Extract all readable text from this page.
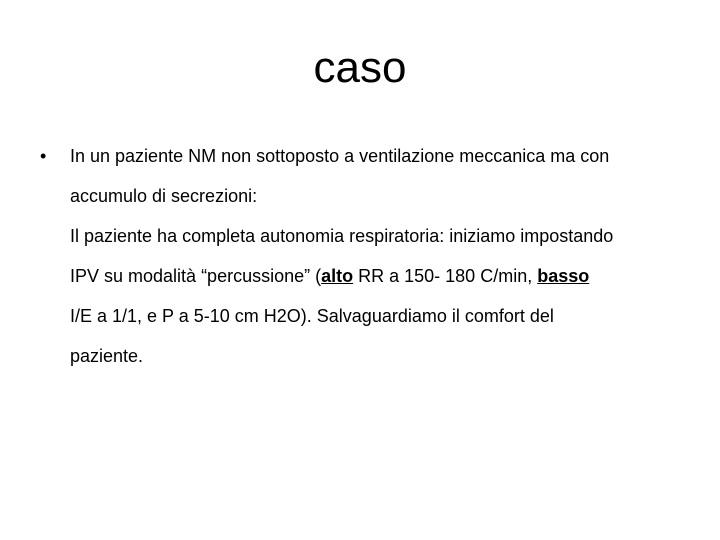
caso
• In un paziente NM non sottoposto a ventilazione meccanica ma con
accumulo di secrezioni:
Il paziente ha completa autonomia respiratoria: iniziamo impostando
IPV su modalità “percussione” (alto RR a 150- 180 C/min, basso
I/E a 1/1, e P a 5-10 cm H2O). Salvaguardiamo il comfort del
paziente.
